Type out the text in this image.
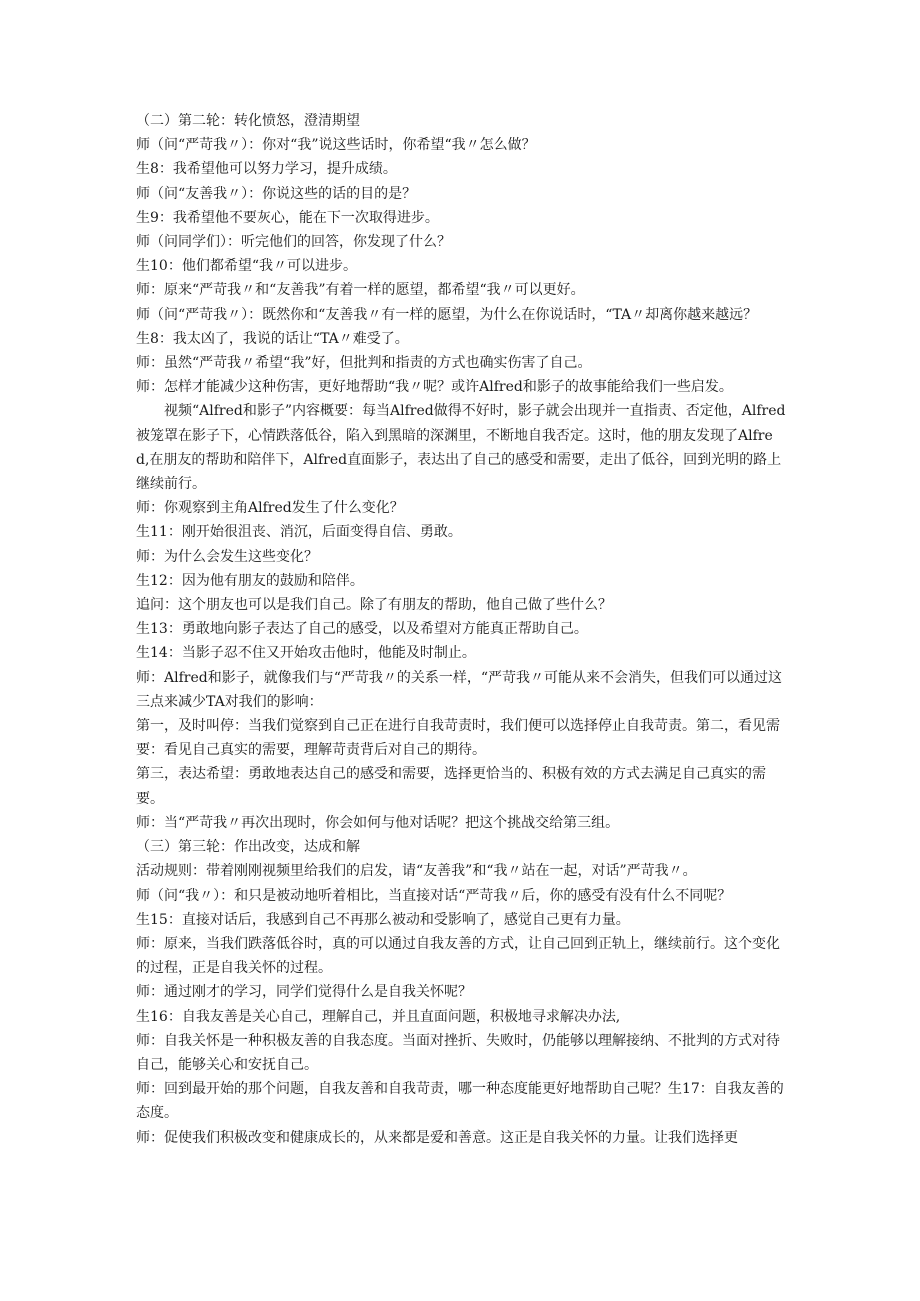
（二）第二轮：转化愤怒，澄清期望

师（问“严苛我〃）：你对“我”说这些话时，你希望“我〃怎么做？

生8：我希望他可以努力学习，提升成绩。

师（问“友善我〃）：你说这些的话的目的是？

生9：我希望他不要灰心，能在下一次取得进步。

师（问同学们）：听完他们的回答，你发现了什么？

生10：他们都希望“我〃可以进步。

师：原来“严苛我〃和“友善我”有着一样的愿望，都希望“我〃可以更好。

师（问“严苛我〃）：既然你和“友善我〃有一样的愿望，为什么在你说话时，“TA〃却离你越来越远？

生8：我太凶了，我说的话让“TA〃难受了。

师：虽然“严苛我〃希望“我”好，但批判和指责的方式也确实伤害了自己。

师：怎样才能减少这种伤害，更好地帮助“我〃呢？或许Alfred和影子的故事能给我们一些启发。

视频“Alfred和影子”内容概要：每当Alfred做得不好时，影子就会出现并一直指责、否定他，Alfred被笼罩在影子下，心情跌落低谷，陷入到黑暗的深渊里，不断地自我否定。这时，他的朋友发现了Alfred,在朋友的帮助和陪伴下，Alfred直面影子，表达出了自己的感受和需要，走出了低谷，回到光明的路上继续前行。

师：你观察到主角Alfred发生了什么变化？

生11：刚开始很沮丧、消沉，后面变得自信、勇敢。

师：为什么会发生这些变化？

生12：因为他有朋友的鼓励和陪伴。

追问：这个朋友也可以是我们自己。除了有朋友的帮助，他自己做了些什么？

生13：勇敢地向影子表达了自己的感受，以及希望对方能真正帮助自己。

生14：当影子忍不住又开始攻击他时，他能及时制止。

师：Alfred和影子，就像我们与“严苛我〃的关系一样，“严苛我〃可能从来不会消失，但我们可以通过这三点来减少TA对我们的影响：

第一，及时叫停：当我们觉察到自己正在进行自我苛责时，我们便可以选择停止自我苛责。第二，看见需要：看见自己真实的需要，理解苛责背后对自己的期待。

第三，表达希望：勇敢地表达自己的感受和需要，选择更恰当的、积极有效的方式去满足自己真实的需要。

师：当“严苛我〃再次出现时，你会如何与他对话呢？把这个挑战交给第三组。

（三）第三轮：作出改变，达成和解

活动规则：带着刚刚视频里给我们的启发，请“友善我”和“我〃站在一起，对话”严苛我〃。

师（问“我〃）：和只是被动地听着相比，当直接对话“严苛我〃后，你的感受有没有什么不同呢？

生15：直接对话后，我感到自己不再那么被动和受影响了，感觉自己更有力量。

师：原来，当我们跌落低谷时，真的可以通过自我友善的方式，让自己回到正轨上，继续前行。这个变化的过程，正是自我关怀的过程。

师：通过刚才的学习，同学们觉得什么是自我关怀呢？

生16：自我友善是关心自己，理解自己，并且直面问题，积极地寻求解决办法,

师：自我关怀是一种积极友善的自我态度。当面对挫折、失败时，仍能够以理解接纳、不批判的方式对待自己，能够关心和安抚自己。

师：回到最开始的那个问题，自我友善和自我苛责，哪一种态度能更好地帮助自己呢？生17：自我友善的态度。

师：促使我们积极改变和健康成长的，从来都是爱和善意。这正是自我关怀的力量。让我们选择更
